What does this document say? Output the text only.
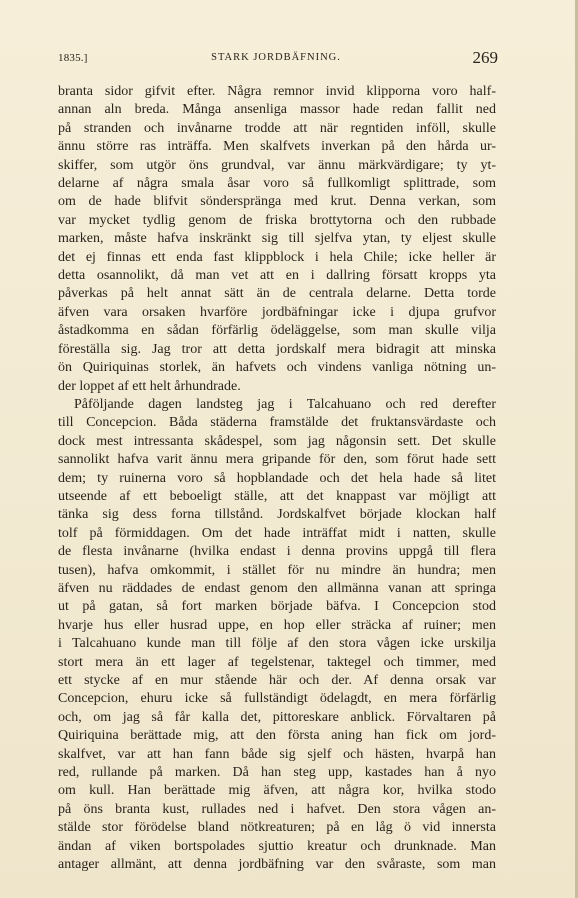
1835.]	STARK JORDBÄFNING.	269
branta sidor gifvit efter. Några remnor invid klipporna voro half-
annan aln breda. Många ansenliga massor hade redan fallit ned
på stranden och invånarne trodde att när regntiden inföll, skulle
ännu större ras inträffa. Men skalfvets inverkan på den hårda ur-
skiffer, som utgör öns grundval, var ännu märkvärdigare; ty yt-
delarne af några smala åsar voro så fullkomligt splittrade, som
om de hade blifvit sönderspränga med krut. Denna verkan, som
var mycket tydlig genom de friska brottytorna och den rubbade
marken, måste hafva inskränkt sig till sjelfva ytan, ty eljest skulle
det ej finnas ett enda fast klippblock i hela Chile; icke heller är
detta osannolikt, då man vet att en i dallring försatt kropps yta
påverkas på helt annat sätt än de centrala delarne. Detta torde
äfven vara orsaken hvarföre jordbäfningar icke i djupa grufvor
åstadkomma en sådan förfärlig ödeläggelse, som man skulle vilja
föreställa sig. Jag tror att detta jordskalf mera bidragit att minska
ön Quiriquinas storlek, än hafvets och vindens vanliga nötning un-
der loppet af ett helt århundrade.
Påföljande dagen landsteg jag i Talcahuano och red derefter
till Concepcion. Båda städerna framstälde det fruktansvärdaste och
dock mest intressanta skådespel, som jag någonsin sett. Det skulle
sannolikt hafva varit ännu mera gripande för den, som förut hade sett
dem; ty ruinerna voro så hopblandade och det hela hade så litet
utseende af ett beboeligt ställe, att det knappast var möjligt att
tänka sig dess forna tillstånd. Jordskalfvet började klockan half
tolf på förmiddagen. Om det hade inträffat midt i natten, skulle
de flesta invånarne (hvilka endast i denna provins uppgå till flera
tusen), hafva omkommit, i stället för nu mindre än hundra; men
äfven nu räddades de endast genom den allmänna vanan att springa
ut på gatan, så fort marken började bäfva. I Concepcion stod
hvarje hus eller husrad uppe, en hop eller sträcka af ruiner; men
i Talcahuano kunde man till följe af den stora vågen icke urskilja
stort mera än ett lager af tegelstenar, taktegel och timmer, med
ett stycke af en mur stående här och der. Af denna orsak var
Concepcion, ehuru icke så fullständigt ödelagdt, en mera förfärlig
och, om jag så får kalla det, pittoreskare anblick. Förvaltaren på
Quiriquina berättade mig, att den första aning han fick om jord-
skalfvet, var att han fann både sig sjelf och hästen, hvarpå han
red, rullande på marken. Då han steg upp, kastades han å nyo
om kull. Han berättade mig äfven, att några kor, hvilka stodo
på öns branta kust, rullades ned i hafvet. Den stora vågen an-
stälde stor förödelse bland nötkreaturen; på en låg ö vid innersta
ändan af viken bortspolades sjuttio kreatur och drunknade. Man
antager allmänt, att denna jordbäfning var den svåraste, som man
